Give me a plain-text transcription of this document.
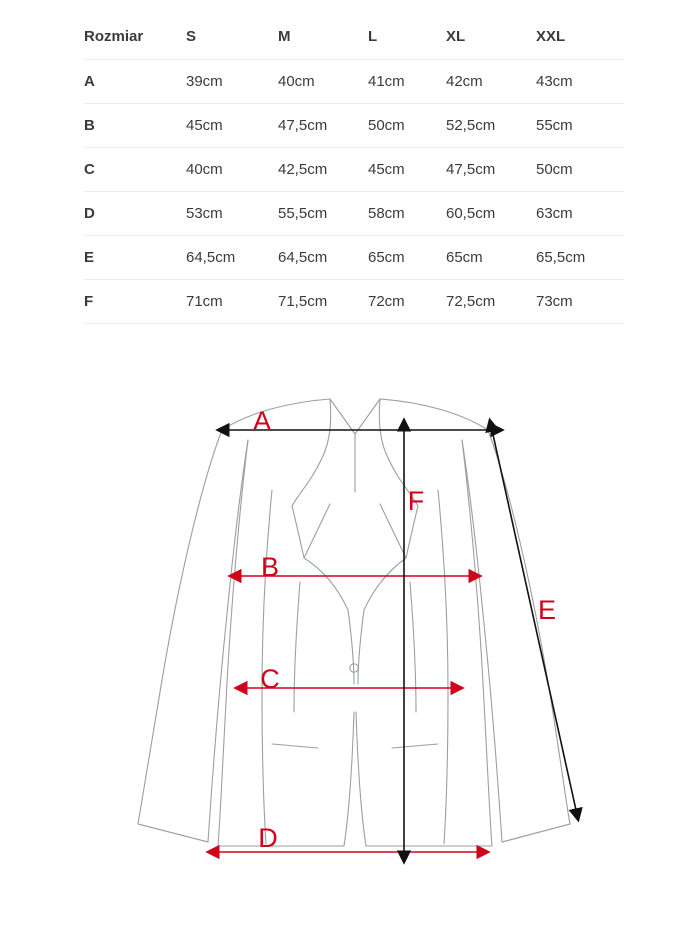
Rozmiar	S	M	L	XL	XXL
A	39cm	40cm	41cm	42cm	43cm
B	45cm	47,5cm	50cm	52,5cm	55cm
C	40cm	42,5cm	45cm	47,5cm	50cm
D	53cm	55,5cm	58cm	60,5cm	63cm
E	64,5cm	64,5cm	65cm	65cm	65,5cm
F	71cm	71,5cm	72cm	72,5cm	73cm
A
F
B
E
C
D
